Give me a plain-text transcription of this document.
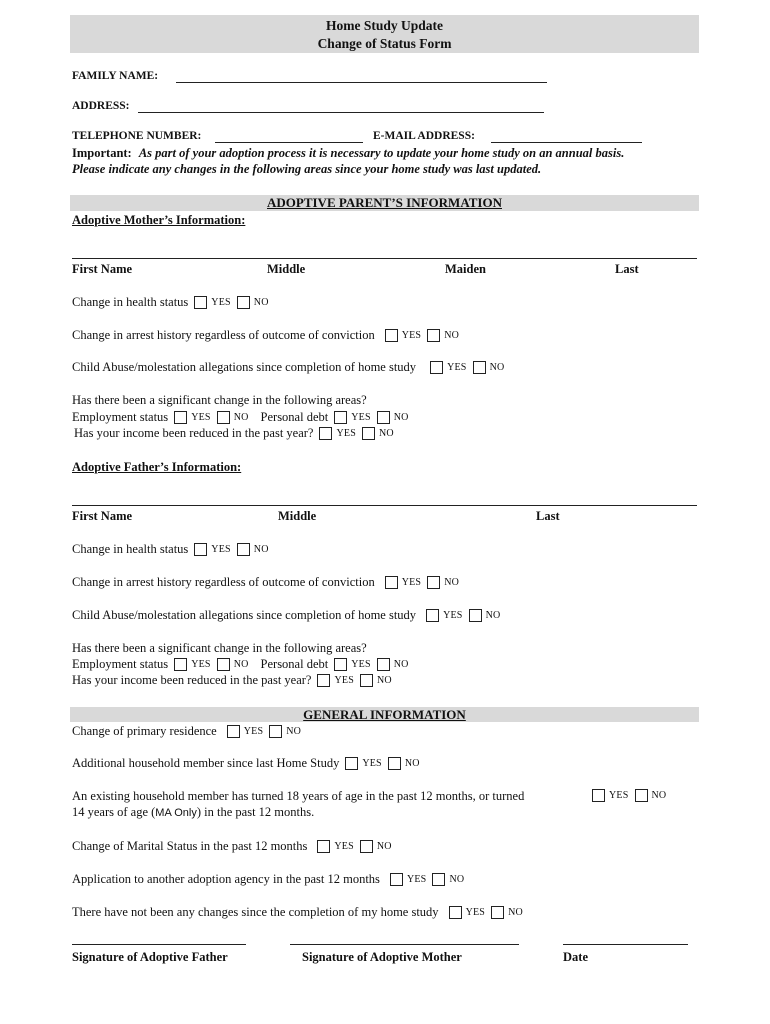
Home Study Update
Change of Status Form
FAMILY NAME:
ADDRESS:
TELEPHONE NUMBER:	E-MAIL ADDRESS:
Important: As part of your adoption process it is necessary to update your home study on an annual basis.
Please indicate any changes in the following areas since your home study was last updated.
ADOPTIVE PARENT’S INFORMATION
Adoptive Mother’s Information:
First Name	Middle	Maiden	Last
Change in health status YES NO
Change in arrest history regardless of outcome of conviction	YES NO
Child Abuse/molestation allegations since completion of home study	YES NO
Has there been a significant change in the following areas?
Employment status YES NO Personal debt YES NO
Has your income been reduced in the past year? YES NO
Adoptive Father’s Information:
First Name	Middle	Last
Change in health status YES NO
Change in arrest history regardless of outcome of conviction	YES NO
Child Abuse/molestation allegations since completion of home study	YES NO
Has there been a significant change in the following areas?
Employment status YES NO Personal debt YES NO
Has your income been reduced in the past year? YES NO
GENERAL INFORMATION
Change of primary residence	YES NO
Additional household member since last Home Study YES NO
An existing household member has turned 18 years of age in the past 12 months, or turned	YES NO
14 years of age (MA Only) in the past 12 months.
Change of Marital Status in the past 12 months	YES NO
Application to another adoption agency in the past 12 months	YES NO
There have not been any changes since the completion of my home study	YES NO
Signature of Adoptive Father	Signature of Adoptive Mother	Date
